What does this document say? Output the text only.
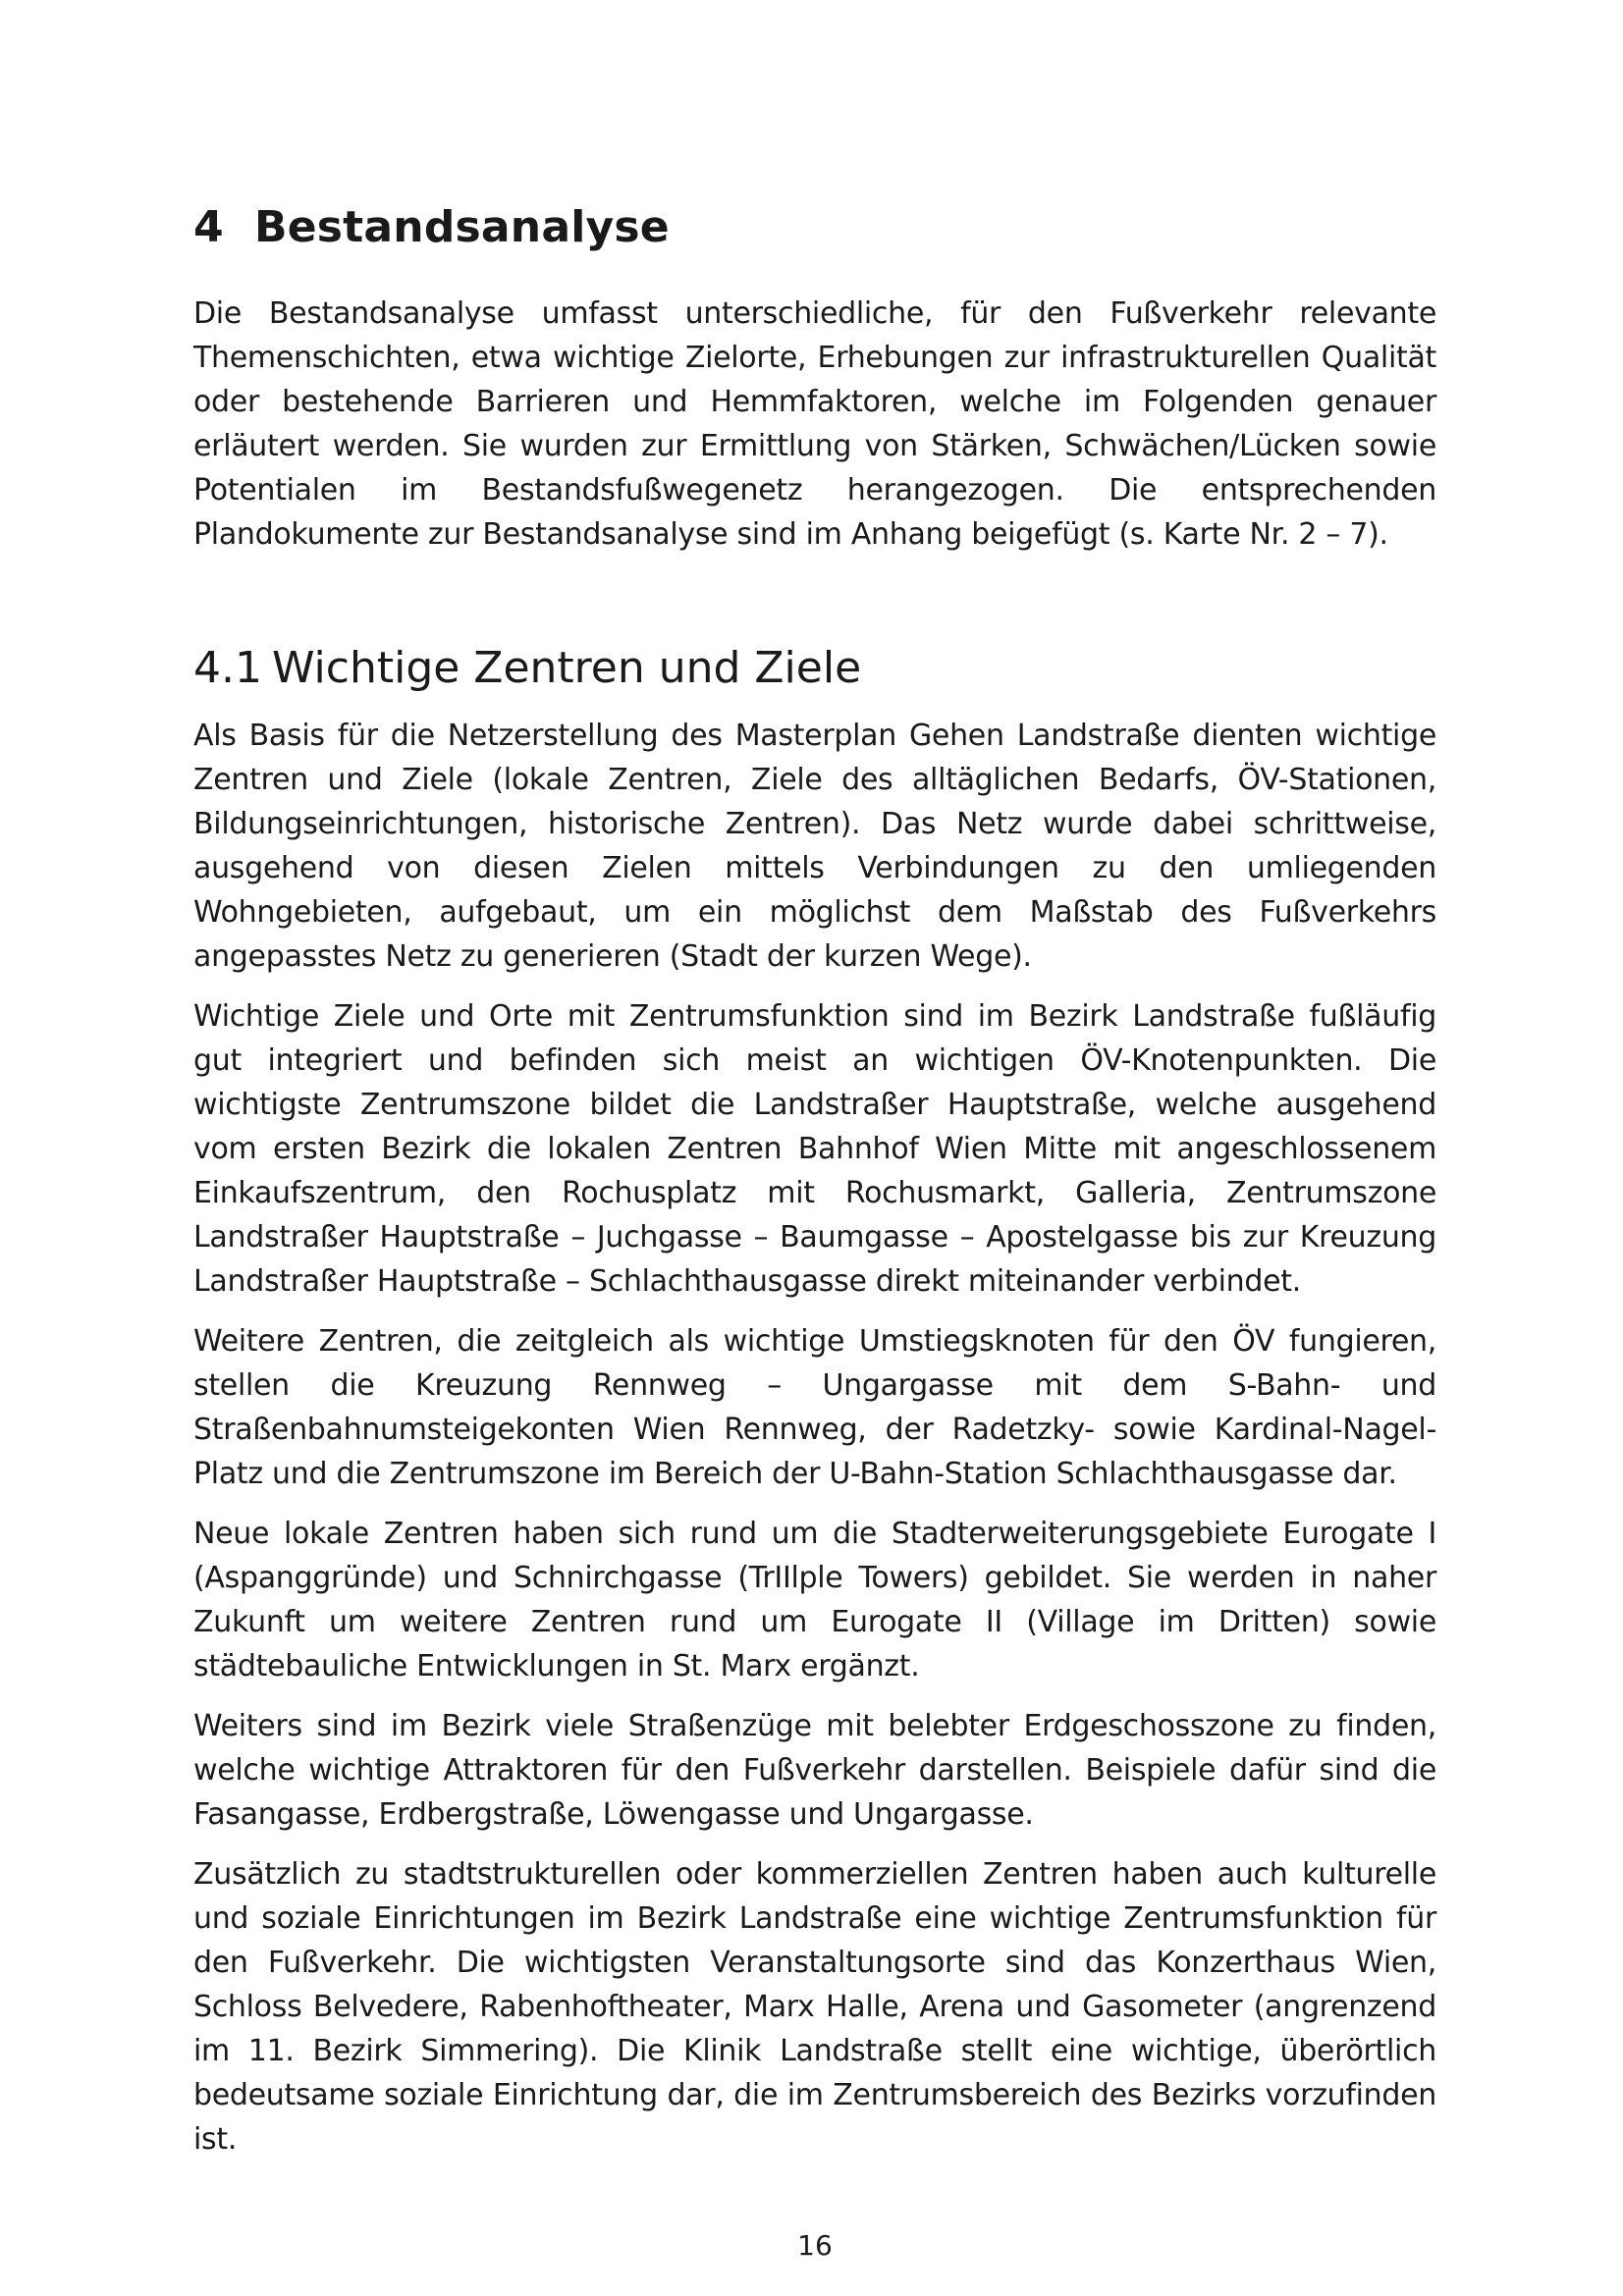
4 Bestandsanalyse

Die Bestandsanalyse umfasst unterschiedliche, für den Fußverkehr relevante Themenschichten, etwa wichtige Zielorte, Erhebungen zur infrastrukturellen Qualität oder bestehende Barrieren und Hemmfaktoren, welche im Folgenden genauer erläutert werden. Sie wurden zur Ermittlung von Stärken, Schwächen/Lücken sowie Potentialen im Bestandsfußwegenetz herangezogen. Die entsprechenden Plandokumente zur Bestandsanalyse sind im Anhang beigefügt (s. Karte Nr. 2 – 7).

4.1 Wichtige Zentren und Ziele

Als Basis für die Netzerstellung des Masterplan Gehen Landstraße dienten wichtige Zentren und Ziele (lokale Zentren, Ziele des alltäglichen Bedarfs, ÖV-Stationen, Bildungseinrichtungen, historische Zentren). Das Netz wurde dabei schrittweise, ausgehend von diesen Zielen mittels Verbindungen zu den umliegenden Wohngebieten, aufgebaut, um ein möglichst dem Maßstab des Fußverkehrs angepasstes Netz zu generieren (Stadt der kurzen Wege).

Wichtige Ziele und Orte mit Zentrumsfunktion sind im Bezirk Landstraße fußläufig gut integriert und befinden sich meist an wichtigen ÖV-Knotenpunkten. Die wichtigste Zentrumszone bildet die Landstraßer Hauptstraße, welche ausgehend vom ersten Bezirk die lokalen Zentren Bahnhof Wien Mitte mit angeschlossenem Einkaufszentrum, den Rochusplatz mit Rochusmarkt, Galleria, Zentrumszone Landstraßer Hauptstraße – Juchgasse – Baumgasse – Apostelgasse bis zur Kreuzung Landstraßer Hauptstraße – Schlachthausgasse direkt miteinander verbindet.

Weitere Zentren, die zeitgleich als wichtige Umstiegsknoten für den ÖV fungieren, stellen die Kreuzung Rennweg – Ungargasse mit dem S-Bahn- und Straßenbahnumsteigekonten Wien Rennweg, der Radetzky- sowie Kardinal-Nagel-Platz und die Zentrumszone im Bereich der U-Bahn-Station Schlachthausgasse dar.

Neue lokale Zentren haben sich rund um die Stadterweiterungsgebiete Eurogate I (Aspanggründe) und Schnirchgasse (TrIIlple Towers) gebildet. Sie werden in naher Zukunft um weitere Zentren rund um Eurogate II (Village im Dritten) sowie städtebauliche Entwicklungen in St. Marx ergänzt.

Weiters sind im Bezirk viele Straßenzüge mit belebter Erdgeschosszone zu finden, welche wichtige Attraktoren für den Fußverkehr darstellen. Beispiele dafür sind die Fasangasse, Erdbergstraße, Löwengasse und Ungargasse.

Zusätzlich zu stadtstrukturellen oder kommerziellen Zentren haben auch kulturelle und soziale Einrichtungen im Bezirk Landstraße eine wichtige Zentrumsfunktion für den Fußverkehr. Die wichtigsten Veranstaltungsorte sind das Konzerthaus Wien, Schloss Belvedere, Rabenhoftheater, Marx Halle, Arena und Gasometer (angrenzend im 11. Bezirk Simmering). Die Klinik Landstraße stellt eine wichtige, überörtlich bedeutsame soziale Einrichtung dar, die im Zentrumsbereich des Bezirks vorzufinden ist.

16
